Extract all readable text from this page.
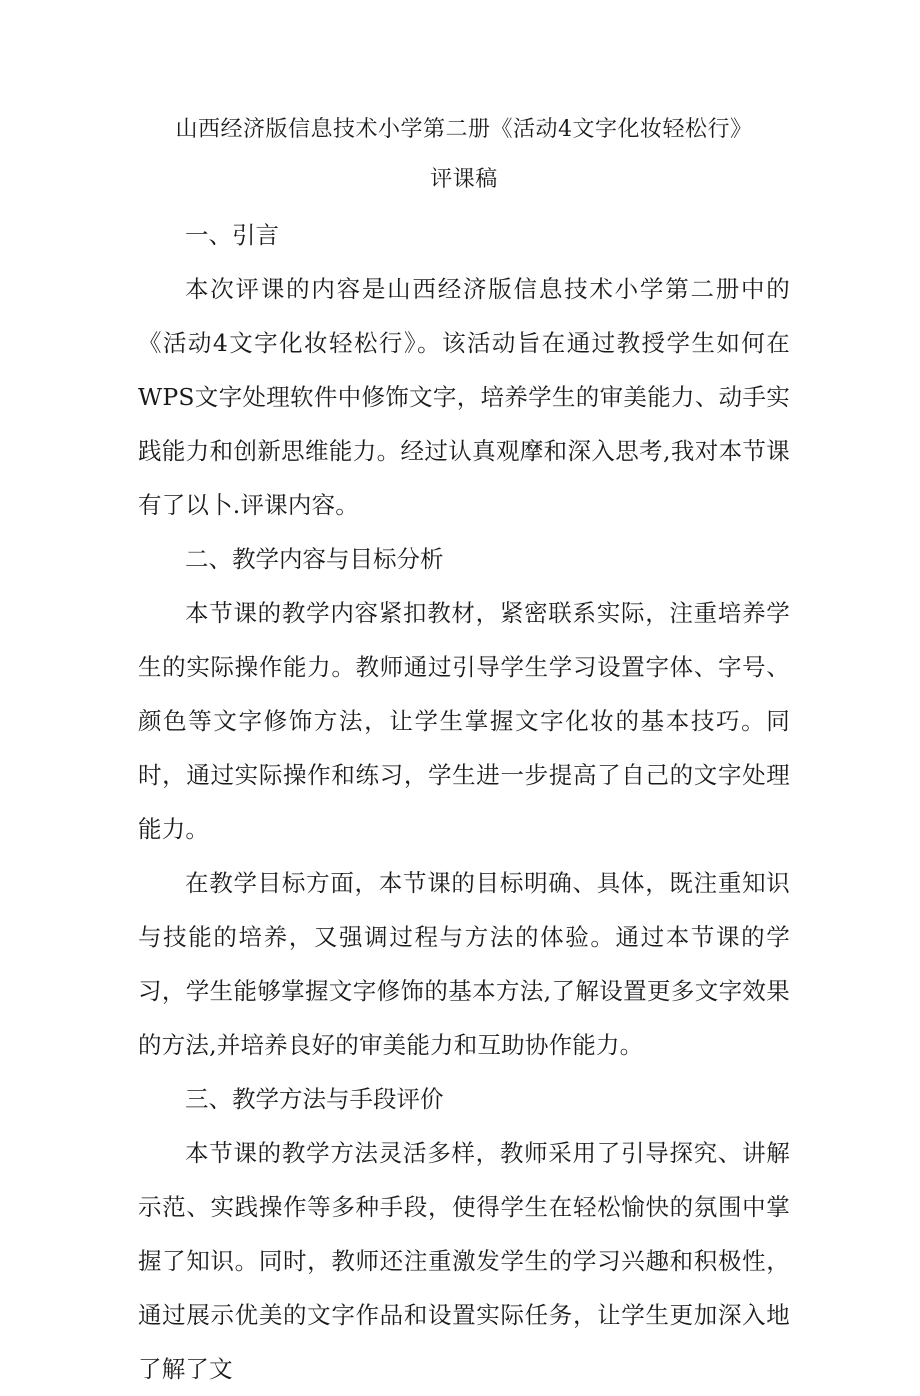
山西经济版信息技术小学第二册《活动4文字化妆轻松行》
评课稿

一、引言

本次评课的内容是山西经济版信息技术小学第二册中的《活动4文字化妆轻松行》。该活动旨在通过教授学生如何在WPS文字处理软件中修饰文字，培养学生的审美能力、动手实践能力和创新思维能力。经过认真观摩和深入思考,我对本节课有了以卜.评课内容。

二、教学内容与目标分析

本节课的教学内容紧扣教材，紧密联系实际，注重培养学生的实际操作能力。教师通过引导学生学习设置字体、字号、颜色等文字修饰方法，让学生掌握文字化妆的基本技巧。同时，通过实际操作和练习，学生进一步提高了自己的文字处理能力。

在教学目标方面，本节课的目标明确、具体，既注重知识与技能的培养，又强调过程与方法的体验。通过本节课的学习，学生能够掌握文字修饰的基本方法,了解设置更多文字效果的方法,并培养良好的审美能力和互助协作能力。

三、教学方法与手段评价

本节课的教学方法灵活多样，教师采用了引导探究、讲解示范、实践操作等多种手段，使得学生在轻松愉快的氛围中掌握了知识。同时，教师还注重激发学生的学习兴趣和积极性，通过展示优美的文字作品和设置实际任务，让学生更加深入地了解了文
